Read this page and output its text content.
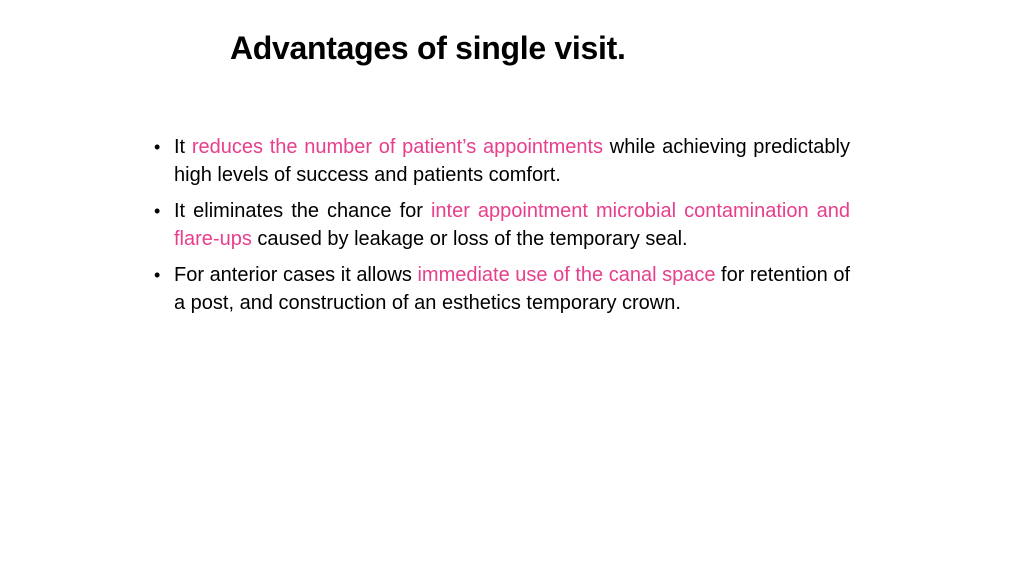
Advantages of single visit.
• It reduces the number of patient’s appointments while achieving predictably high levels of success and patients comfort.
• It eliminates the chance for inter appointment microbial contamination and flare-ups caused by leakage or loss of the temporary seal.
• For anterior cases it allows immediate use of the canal space for retention of a post, and construction of an esthetics temporary crown.
